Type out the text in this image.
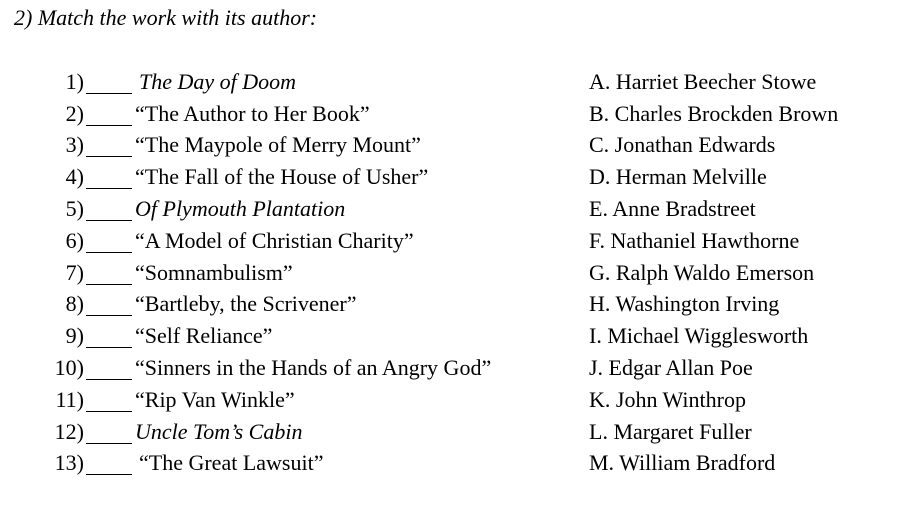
2) Match the work with its author:
1)	The Day of Doom
2) “The Author to Her Book”
3) “The Maypole of Merry Mount”
4) “The Fall of the House of Usher”
5) Of Plymouth Plantation
6) “A Model of Christian Charity”
7) “Somnambulism”
8) “Bartleby, the Scrivener”
9) “Self Reliance”
10) “Sinners in the Hands of an Angry God”
11) “Rip Van Winkle”
12) Uncle Tom’s Cabin
13)	“The Great Lawsuit”
A. Harriet Beecher Stowe
B. Charles Brockden Brown
C. Jonathan Edwards
D. Herman Melville
E. Anne Bradstreet
F. Nathaniel Hawthorne
G. Ralph Waldo Emerson
H. Washington Irving
I. Michael Wigglesworth
J. Edgar Allan Poe
K. John Winthrop
L. Margaret Fuller
M. William Bradford
